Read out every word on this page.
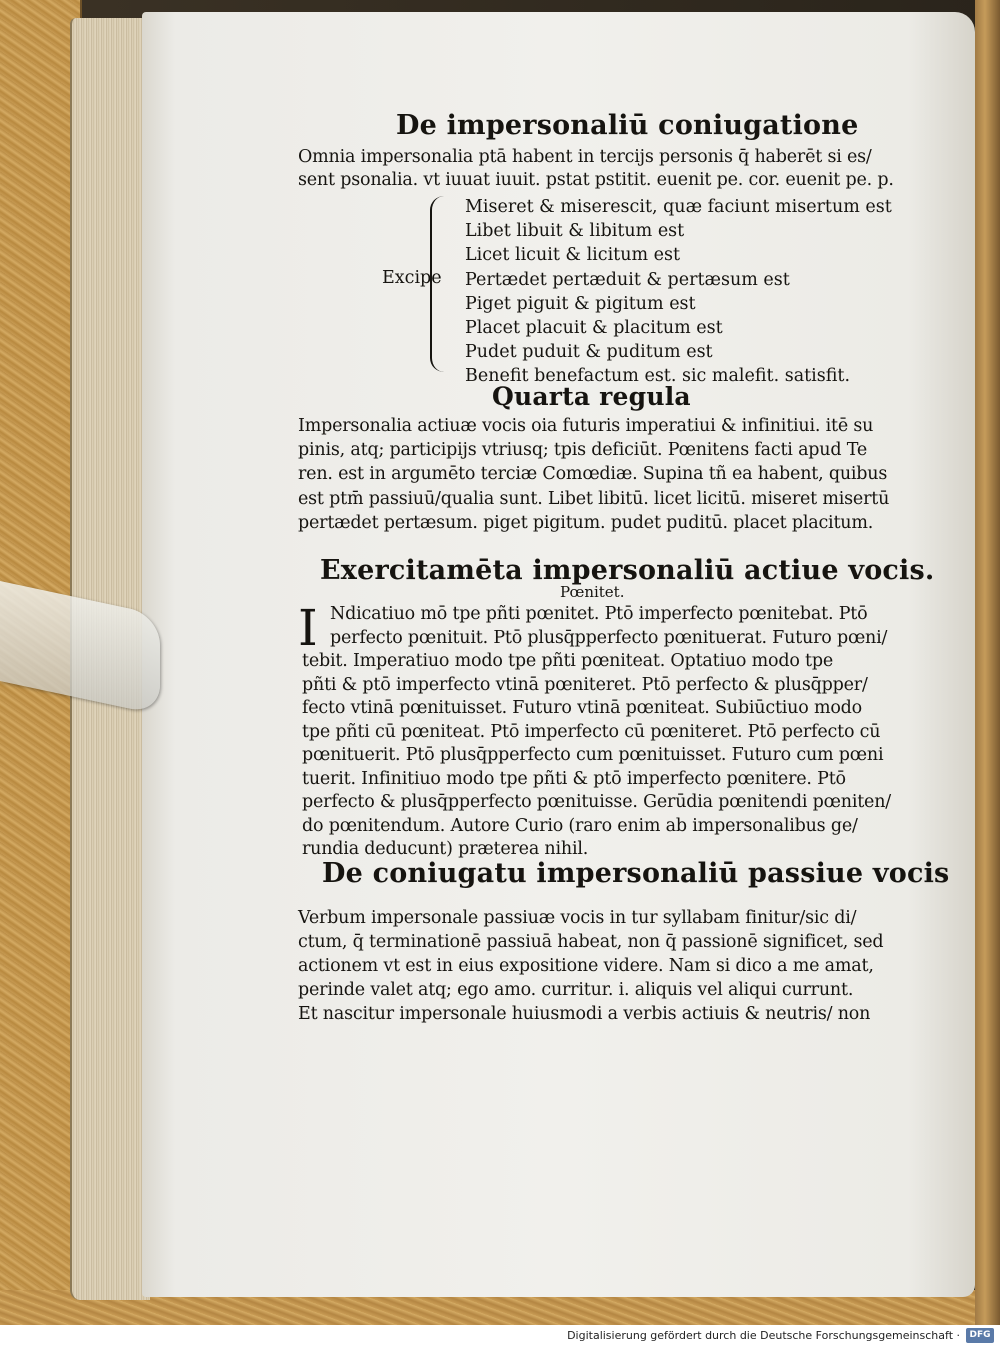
De impersonaliū coniugatione
Omnia impersonalia ptā habent in tercijs personis q̄ haberēt si es/
sent psonalia. vt iuuat iuuit. pstat pstitit. euenit pe. cor. euenit pe. p.
Excipe
Miseret & miserescit, quæ faciunt misertum est
Libet libuit & libitum est
Licet licuit & licitum est
Pertædet pertæduit & pertæsum est
Piget piguit & pigitum est
Placet placuit & placitum est
Pudet puduit & puditum est
Benefit benefactum est. sic malefit. satisfit.
Quarta regula
Impersonalia actiuæ vocis oia futuris imperatiui & infinitiui. itē su
pinis, atq; participijs vtriusq; tpis deficiūt. Pœnitens facti apud Te
ren. est in argumēto terciæ Comœdiæ. Supina tñ ea habent, quibus
est ptm̄ passiuū/qualia sunt. Libet libitū. licet licitū. miseret misertū
pertædet pertæsum. piget pigitum. pudet puditū. placet placitum.
Exercitamēta impersonaliū actiue vocis.
Pœnitet.
I Ndicatiuo mō tpe pñti pœnitet. Ptō imperfecto pœnitebat. Ptō
perfecto pœnituit. Ptō plusq̄pperfecto pœnituerat. Futuro pœni/
tebit. Imperatiuo modo tpe pñti pœniteat. Optatiuo modo tpe
pñti & ptō imperfecto vtinā pœniteret. Ptō perfecto & plusq̄pper/
fecto vtinā pœnituisset. Futuro vtinā pœniteat. Subiūctiuo modo
tpe pñti cū pœniteat. Ptō imperfecto cū pœniteret. Ptō perfecto cū
pœnituerit. Ptō plusq̄pperfecto cum pœnituisset. Futuro cum pœni
tuerit. Infinitiuo modo tpe pñti & ptō imperfecto pœnitere. Ptō
perfecto & plusq̄pperfecto pœnituisse. Gerūdia pœnitendi pœniten/
do pœnitendum. Autore Curio (raro enim ab impersonalibus ge/
rundia deducunt) præterea nihil.
De coniugatu impersonaliū passiue vocis
Verbum impersonale passiuæ vocis in tur syllabam finitur/sic di/
ctum, q̄ terminationē passiuā habeat, non q̄ passionē significet, sed
actionem vt est in eius expositione videre. Nam si dico a me amat,
perinde valet atq; ego amo. curritur. i. aliquis vel aliqui currunt.
Et nascitur impersonale huiusmodi a verbis actiuis & neutris/ non
Digitalisierung gefördert durch die Deutsche Forschungsgemeinschaft ·	DFG
